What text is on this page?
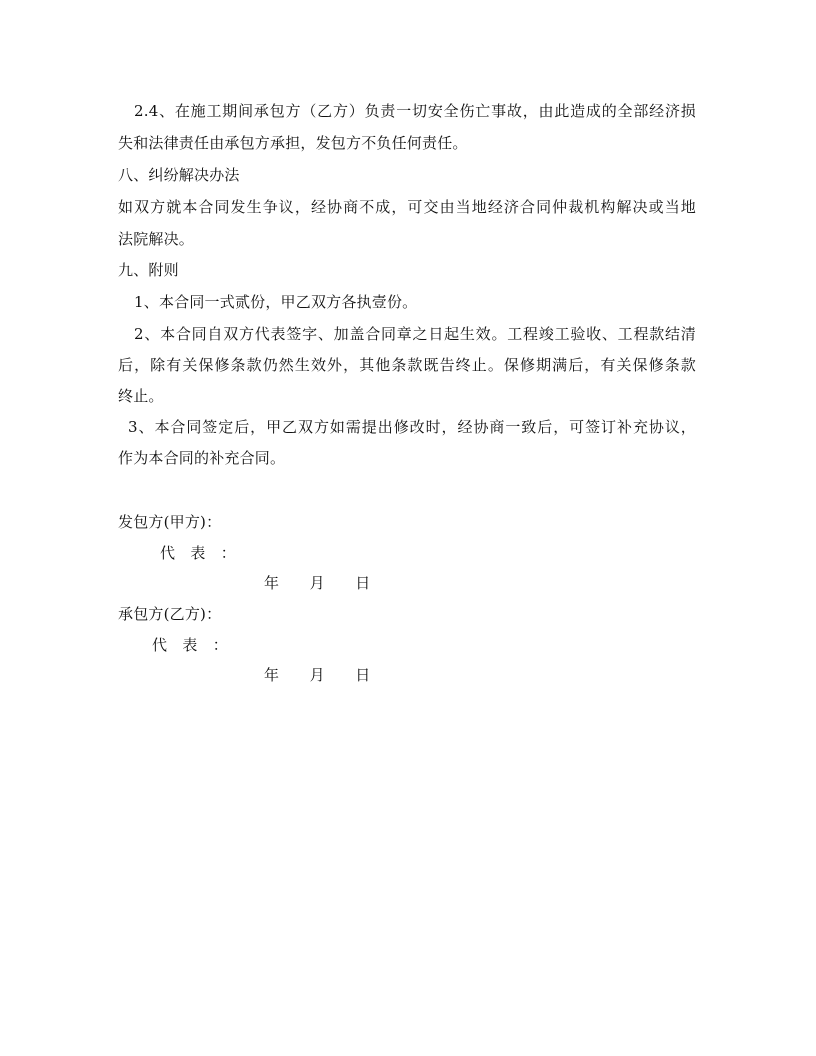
2.4、在施工期间承包方（乙方）负责一切安全伤亡事故，由此造成的全部经济损
失和法律责任由承包方承担，发包方不负任何责任。
八、纠纷解决办法
如双方就本合同发生争议，经协商不成，可交由当地经济合同仲裁机构解决或当地
法院解决。
九、附则
1、本合同一式贰份，甲乙双方各执壹份。
2、本合同自双方代表签字、加盖合同章之日起生效。工程竣工验收、工程款结清
后，除有关保修条款仍然生效外，其他条款既告终止。保修期满后，有关保修条款
终止。
3、本合同签定后，甲乙双方如需提出修改时，经协商一致后，可签订补充协议，
作为本合同的补充合同。
发包方(甲方)：
代　表　：
年　　月　　日
承包方(乙方)：
代　表　：
年　　月　　日
